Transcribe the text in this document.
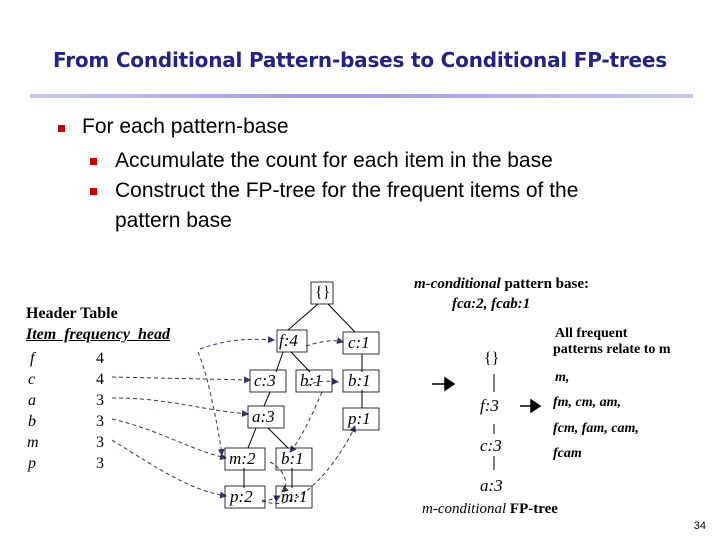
From Conditional Pattern-bases to Conditional FP-trees
For each pattern-base
Accumulate the count for each item in the base
Construct the FP-tree for the frequent items of the
pattern base
Header Table
Item  frequency  head
f	4
c	4
a	3
b	3
m	3
p	3
{}
f:4	c:1
c:3 b:1 b:1
a:3	p:1
m:2 b:1
p:2 m:1
m-conditional pattern base:
fca:2, fcab:1
{}
f:3
c:3
a:3
m-conditional FP-tree
All frequent
patterns relate to m
m,
fm, cm, am,
fcm, fam, cam,
fcam
34
